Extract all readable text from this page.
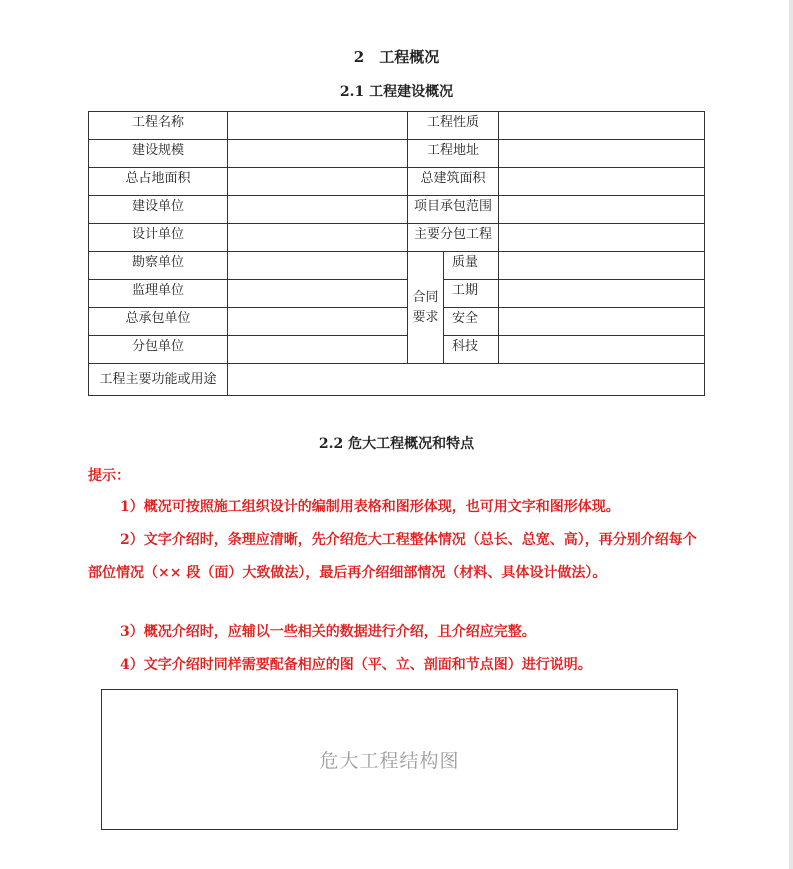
2　工程概况
2.1 工程建设概况
工程名称		工程性质		
建设规模		工程地址		
总占地面积		总建筑面积		
建设单位		项目承包范围		
设计单位		主要分包工程		
勘察单位		合同要求	质量	
监理单位			工期	
总承包单位			安全	
分包单位			科技	
工程主要功能或用途				
2.2 危大工程概况和特点
提示：
1）概况可按照施工组织设计的编制用表格和图形体现，也可用文字和图形体现。
2）文字介绍时，条理应清晰，先介绍危大工程整体情况（总长、总宽、高），再分别介绍每个部位情况（×× 段（面）大致做法），最后再介绍细部情况（材料、具体设计做法）。
3）概况介绍时，应辅以一些相关的数据进行介绍，且介绍应完整。
4）文字介绍时同样需要配备相应的图（平、立、剖面和节点图）进行说明。
危大工程结构图
